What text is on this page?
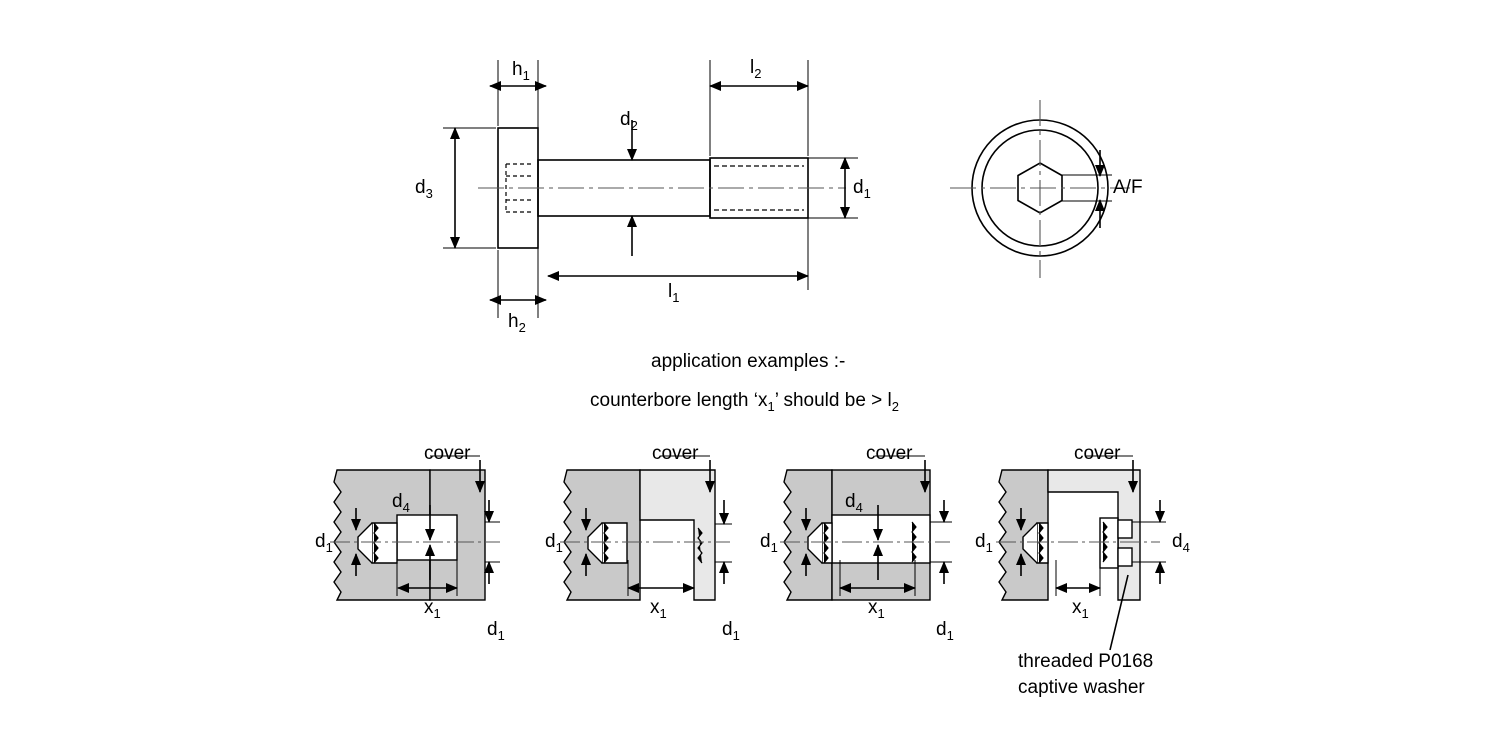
$h_1$	$l_2$
$d_2$
$d_3$	$d_1$
$l_1$
$h_2$
A/F
application examples :-
counterbore length ‘$x_1$’ should be > $l_2$
cover
$d_1$
$d_4$
$x_1$
$d_1$
cover
$d_1$
$x_1$
$d_1$
cover
$d_1$
$d_4$
$x_1$
$d_1$
cover
$d_1$	$d_4$
$x_1$
threaded P0168
captive washer
